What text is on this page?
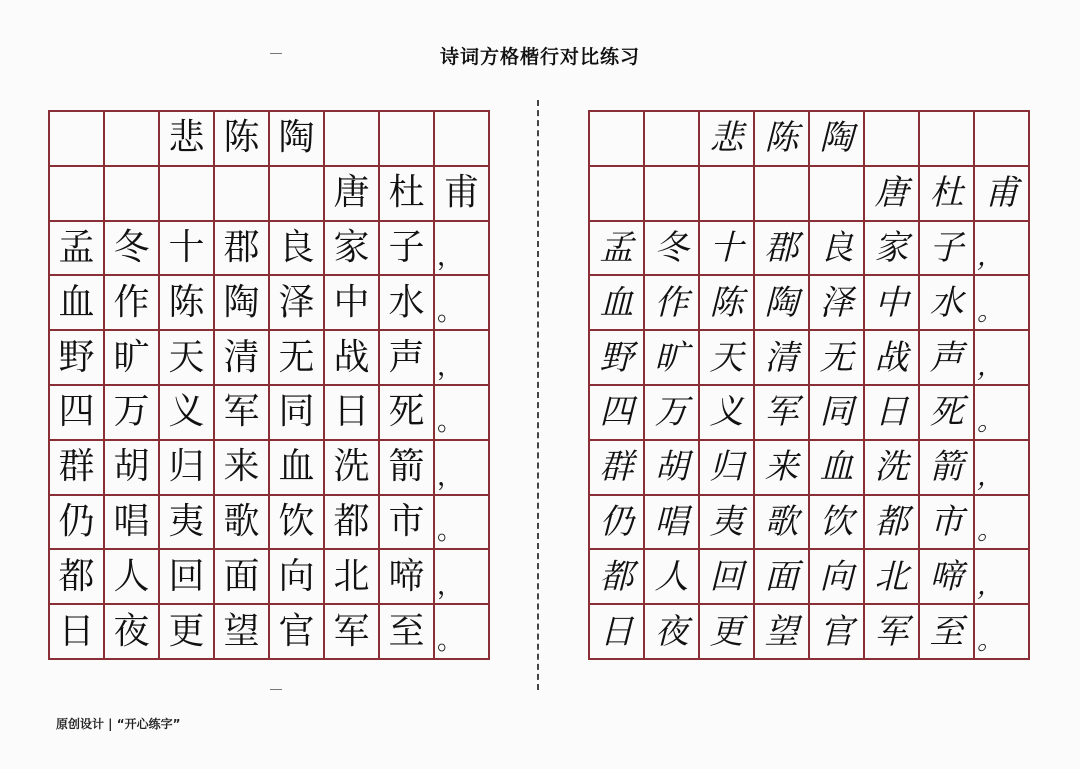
诗词方格楷行对比练习
悲 陈 陶
唐 杜 甫
孟 冬 十 郡 良 家 子 ，
血 作 陈 陶 泽 中 水 。
野 旷 天 清 无 战 声 ，
四 万 义 军 同 日 死 。
群 胡 归 来 血 洗 箭 ，
仍 唱 夷 歌 饮 都 市 。
都 人 回 面 向 北 啼 ，
日 夜 更 望 官 军 至 。
悲 陈 陶
唐 杜 甫
孟 冬 十 郡 良 家 子 ，
血 作 陈 陶 泽 中 水 。
野 旷 天 清 无 战 声 ，
四 万 义 军 同 日 死 。
群 胡 归 来 血 洗 箭 ，
仍 唱 夷 歌 饮 都 市 。
都 人 回 面 向 北 啼 ，
日 夜 更 望 官 军 至 。
原创设计 | “开心练字”
